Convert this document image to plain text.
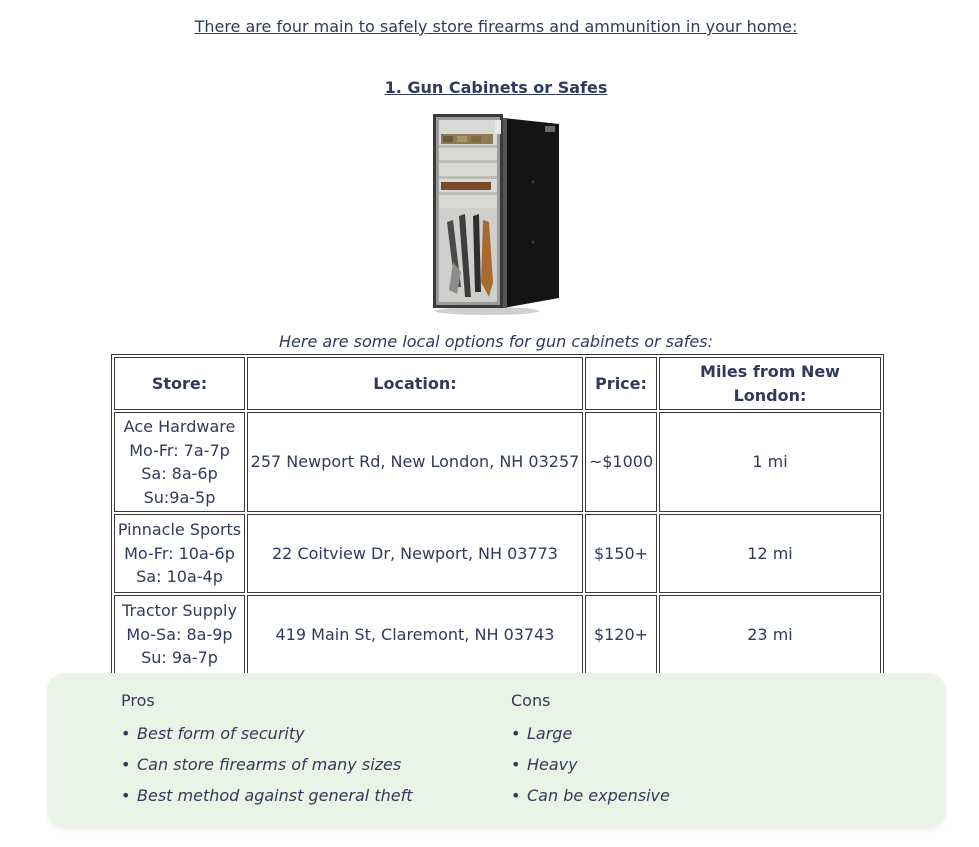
There are four main to safely store firearms and ammunition in your home:
1. Gun Cabinets or Safes
Here are some local options for gun cabinets or safes:
Store:	Location:	Price:	Miles from New London:

Ace Hardware
Mo-Fr: 7a-7p
Sa: 8a-6p
Su:9a-5p	257 Newport Rd, New London, NH 03257	~$1000	1 mi

Pinnacle Sports
Mo-Fr: 10a-6p
Sa: 10a-4p	22 Coitview Dr, Newport, NH 03773	$150+	12 mi

Tractor Supply
Mo-Sa: 8a-9p
Su: 9a-7p	419 Main St, Claremont, NH 03743	$120+	23 mi
Pros
• Best form of security
• Can store firearms of many sizes
• Best method against general theft
Cons
• Large
• Heavy
• Can be expensive
